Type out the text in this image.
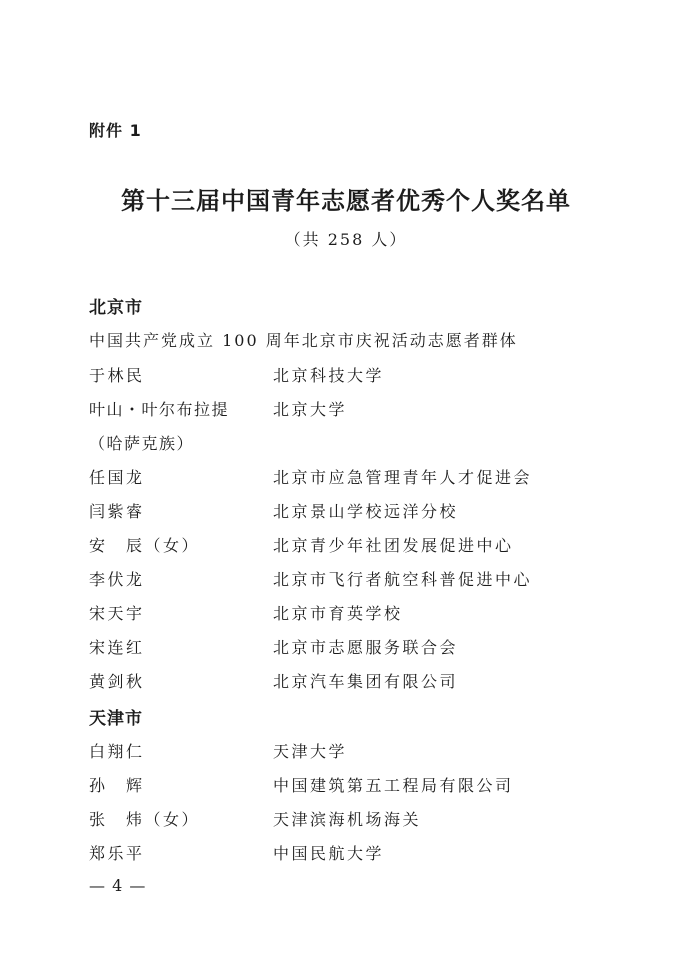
附件 1
第十三届中国青年志愿者优秀个人奖名单
（共 258 人）
北京市
中国共产党成立 100 周年北京市庆祝活动志愿者群体
于林民	北京科技大学
叶山・叶尔布拉提	北京大学
（哈萨克族）
任国龙	北京市应急管理青年人才促进会
闫紫睿	北京景山学校远洋分校
安　辰（女）	北京青少年社团发展促进中心
李伏龙	北京市飞行者航空科普促进中心
宋天宇	北京市育英学校
宋连红	北京市志愿服务联合会
黄剑秋	北京汽车集团有限公司
天津市
白翔仁	天津大学
孙　辉	中国建筑第五工程局有限公司
张　炜（女）	天津滨海机场海关
郑乐平	中国民航大学
— 4 —
